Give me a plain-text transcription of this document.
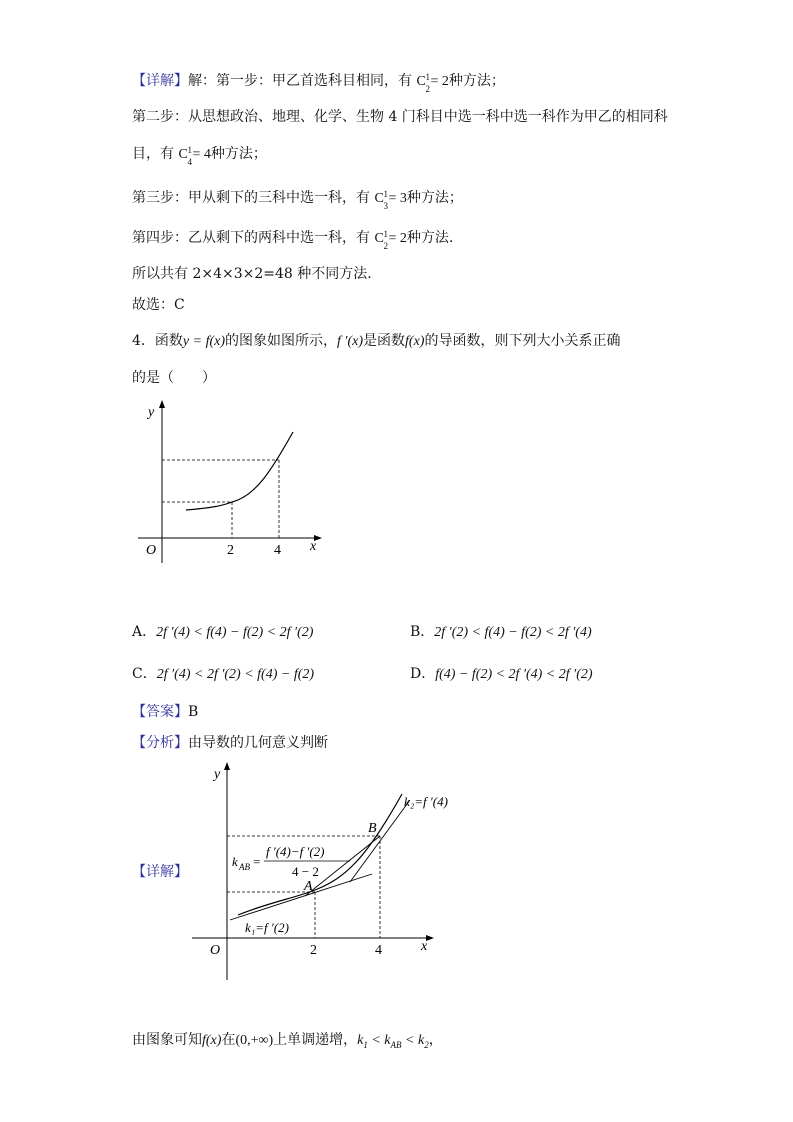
【详解】解：第一步：甲乙首选科目相同，有 C 1
2 = 2种方法；
第二步：从思想政治、地理、化学、生物 4 门科目中选一科中选一科作为甲乙的相同科
目，有 C 1
4 = 4种方法；
第三步：甲从剩下的三科中选一科，有 C 1
3 = 3种方法；
第四步：乙从剩下的两科中选一科，有 C 1
2 = 2种方法.
所以共有 2×4×3×2=48 种不同方法.
故选：C
4．函数y = f(x)的图象如图所示，f ′(x)是函数f(x)的导函数，则下列大小关系正确
的是（　　）
y
x
O	2	4
A．2f ′(4) < f(4) − f(2) < 2f ′(2)	B．2f ′(2) < f(4) − f(2) < 2f ′(4)
C．2f ′(4) < 2f ′(2) < f(4) − f(2)	D．f(4) − f(2) < 2f ′(4) < 2f ′(2)
【答案】B
【分析】由导数的几何意义判断
【详解】
y
x
O	2	4
A
B
k₂=f ′(4)
k₁=f ′(2)
k AB =
f ′(4)−f ′(2)
4 − 2
由图象可知f(x)在(0,+∞)上单调递增，$k_1 < k_{AB} < k_2$，
